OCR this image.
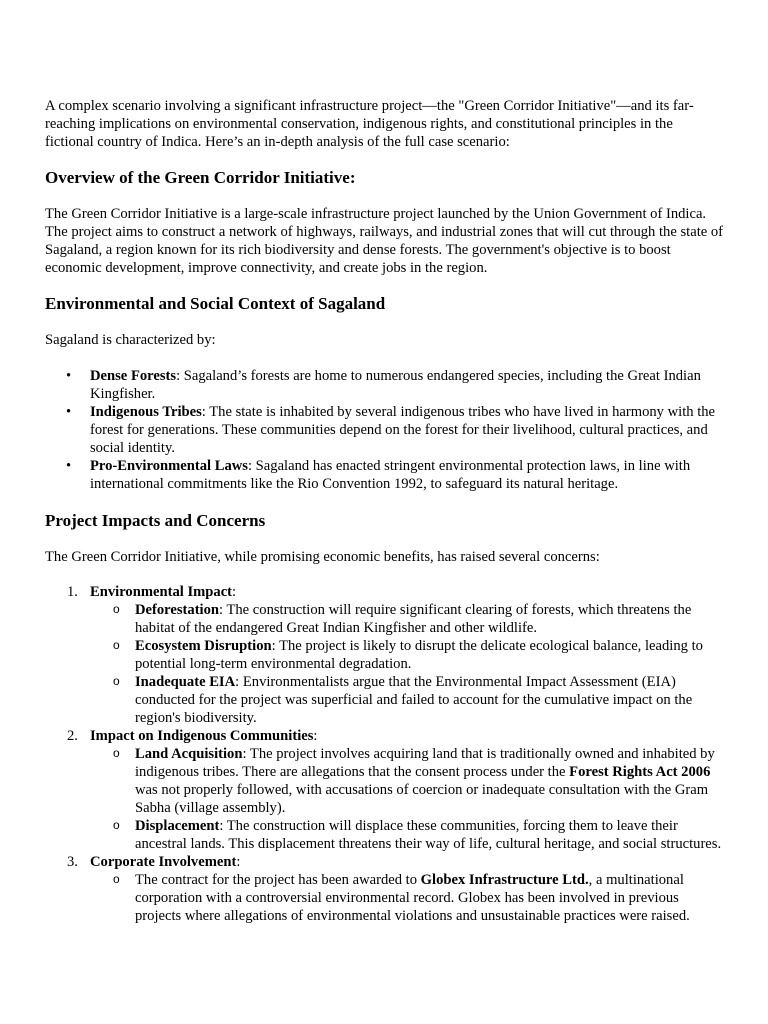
A complex scenario involving a significant infrastructure project—the "Green Corridor Initiative"—and its far-reaching implications on environmental conservation, indigenous rights, and constitutional principles in the fictional country of Indica. Here’s an in-depth analysis of the full case scenario:

Overview of the Green Corridor Initiative:

The Green Corridor Initiative is a large-scale infrastructure project launched by the Union Government of Indica. The project aims to construct a network of highways, railways, and industrial zones that will cut through the state of Sagaland, a region known for its rich biodiversity and dense forests. The government's objective is to boost economic development, improve connectivity, and create jobs in the region.

Environmental and Social Context of Sagaland

Sagaland is characterized by:

• Dense Forests: Sagaland’s forests are home to numerous endangered species, including the Great Indian Kingfisher.
• Indigenous Tribes: The state is inhabited by several indigenous tribes who have lived in harmony with the forest for generations. These communities depend on the forest for their livelihood, cultural practices, and social identity.
• Pro-Environmental Laws: Sagaland has enacted stringent environmental protection laws, in line with international commitments like the Rio Convention 1992, to safeguard its natural heritage.
Project Impacts and Concerns

The Green Corridor Initiative, while promising economic benefits, has raised several concerns:

1. Environmental Impact:
o Deforestation: The construction will require significant clearing of forests, which threatens the habitat of the endangered Great Indian Kingfisher and other wildlife.
o Ecosystem Disruption: The project is likely to disrupt the delicate ecological balance, leading to potential long-term environmental degradation.
o Inadequate EIA: Environmentalists argue that the Environmental Impact Assessment (EIA) conducted for the project was superficial and failed to account for the cumulative impact on the region's biodiversity.
2. Impact on Indigenous Communities:
o Land Acquisition: The project involves acquiring land that is traditionally owned and inhabited by indigenous tribes. There are allegations that the consent process under the Forest Rights Act 2006 was not properly followed, with accusations of coercion or inadequate consultation with the Gram Sabha (village assembly).
o Displacement: The construction will displace these communities, forcing them to leave their ancestral lands. This displacement threatens their way of life, cultural heritage, and social structures.
3. Corporate Involvement:
o The contract for the project has been awarded to Globex Infrastructure Ltd., a multinational corporation with a controversial environmental record. Globex has been involved in previous projects where allegations of environmental violations and unsustainable practices were raised.
